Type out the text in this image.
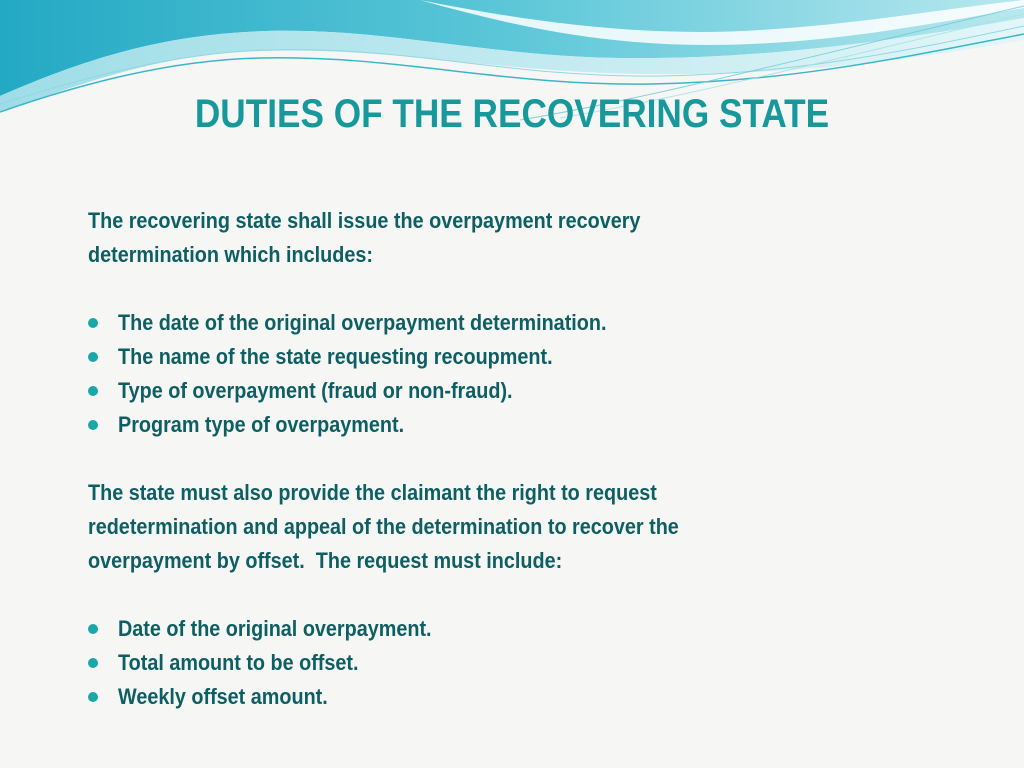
DUTIES OF THE RECOVERING STATE

The recovering state shall issue the overpayment recovery

determination which includes:

The date of the original overpayment determination.
The name of the state requesting recoupment.
Type of overpayment (fraud or non-fraud).
Program type of overpayment.

The state must also provide the claimant the right to request

redetermination and appeal of the determination to recover the

overpayment by offset.  The request must include:

Date of the original overpayment.
Total amount to be offset.
Weekly offset amount.
